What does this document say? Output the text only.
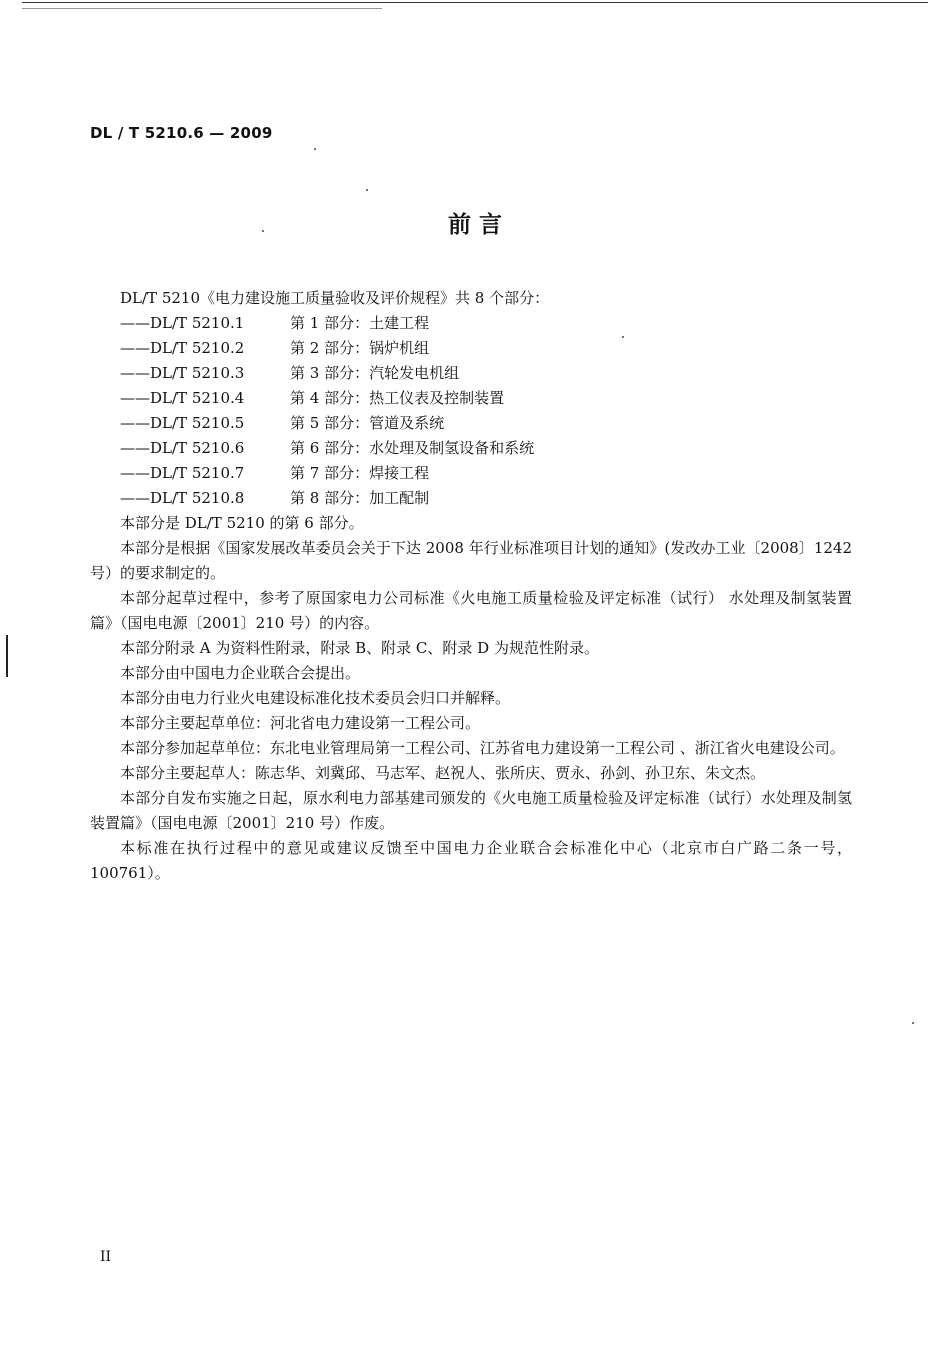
DL / T 5210.6 — 2009
前 言

DL/T 5210《电力建设施工质量验收及评价规程》共 8 个部分：

——DL/T 5210.1	第 1 部分：土建工程
——DL/T 5210.2	第 2 部分：锅炉机组
——DL/T 5210.3	第 3 部分：汽轮发电机组
——DL/T 5210.4	第 4 部分：热工仪表及控制装置
——DL/T 5210.5	第 5 部分：管道及系统
——DL/T 5210.6	第 6 部分：水处理及制氢设备和系统
——DL/T 5210.7	第 7 部分：焊接工程
——DL/T 5210.8	第 8 部分：加工配制

本部分是 DL/T 5210 的第 6 部分。

本部分是根据《国家发展改革委员会关于下达 2008 年行业标准项目计划的通知》(发改办工业〔2008〕1242 号）的要求制定的。

本部分起草过程中，参考了原国家电力公司标准《火电施工质量检验及评定标准（试行） 水处理及制氢装置篇》（国电电源〔2001〕210 号）的内容。

本部分附录 A 为资料性附录，附录 B、附录 C、附录 D 为规范性附录。

本部分由中国电力企业联合会提出。

本部分由电力行业火电建设标准化技术委员会归口并解释。

本部分主要起草单位：河北省电力建设第一工程公司。

本部分参加起草单位：东北电业管理局第一工程公司、江苏省电力建设第一工程公司 、浙江省火电建设公司。

本部分主要起草人：陈志华、刘冀邱、马志军、赵祝人、张所庆、贾永、孙剑、孙卫东、朱文杰。

本部分自发布实施之日起，原水利电力部基建司颁发的《火电施工质量检验及评定标准（试行）水处理及制氢装置篇》（国电电源〔2001〕210 号）作废。

本标准在执行过程中的意见或建议反馈至中国电力企业联合会标准化中心（北京市白广路二条一号，100761）。

II
